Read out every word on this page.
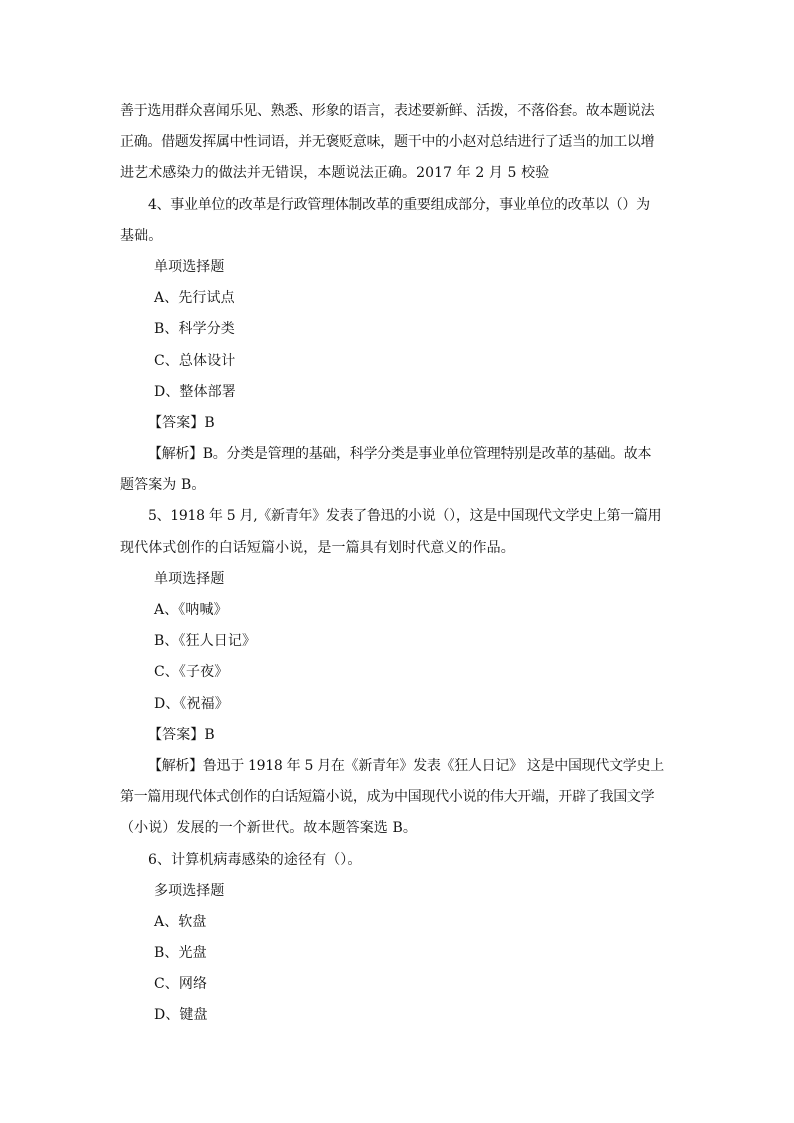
善于选用群众喜闻乐见、熟悉、形象的语言，表述要新鲜、活拨，不落俗套。故本题说法
正确。借题发挥属中性词语，并无褒贬意味，题干中的小赵对总结进行了适当的加工以增
进艺术感染力的做法并无错误，本题说法正确。2017 年 2 月 5 校验
4、事业单位的改革是行政管理体制改革的重要组成部分，事业单位的改革以（）为
基础。
单项选择题
A、先行试点
B、科学分类
C、总体设计
D、整体部署
【答案】B
【解析】B。分类是管理的基础，科学分类是事业单位管理特别是改革的基础。故本
题答案为 B。
5、1918 年 5 月,《新青年》发表了鲁迅的小说（），这是中国现代文学史上第一篇用
现代体式创作的白话短篇小说，是一篇具有划时代意义的作品。
单项选择题
A、《呐喊》
B、《狂人日记》
C、《子夜》
D、《祝福》
【答案】B
【解析】鲁迅于 1918 年 5 月在《新青年》发表《狂人日记》 这是中国现代文学史上
第一篇用现代体式创作的白话短篇小说，成为中国现代小说的伟大开端，开辟了我国文学
（小说）发展的一个新世代。故本题答案选 B。
6、计算机病毒感染的途径有（）。
多项选择题
A、软盘
B、光盘
C、网络
D、键盘
